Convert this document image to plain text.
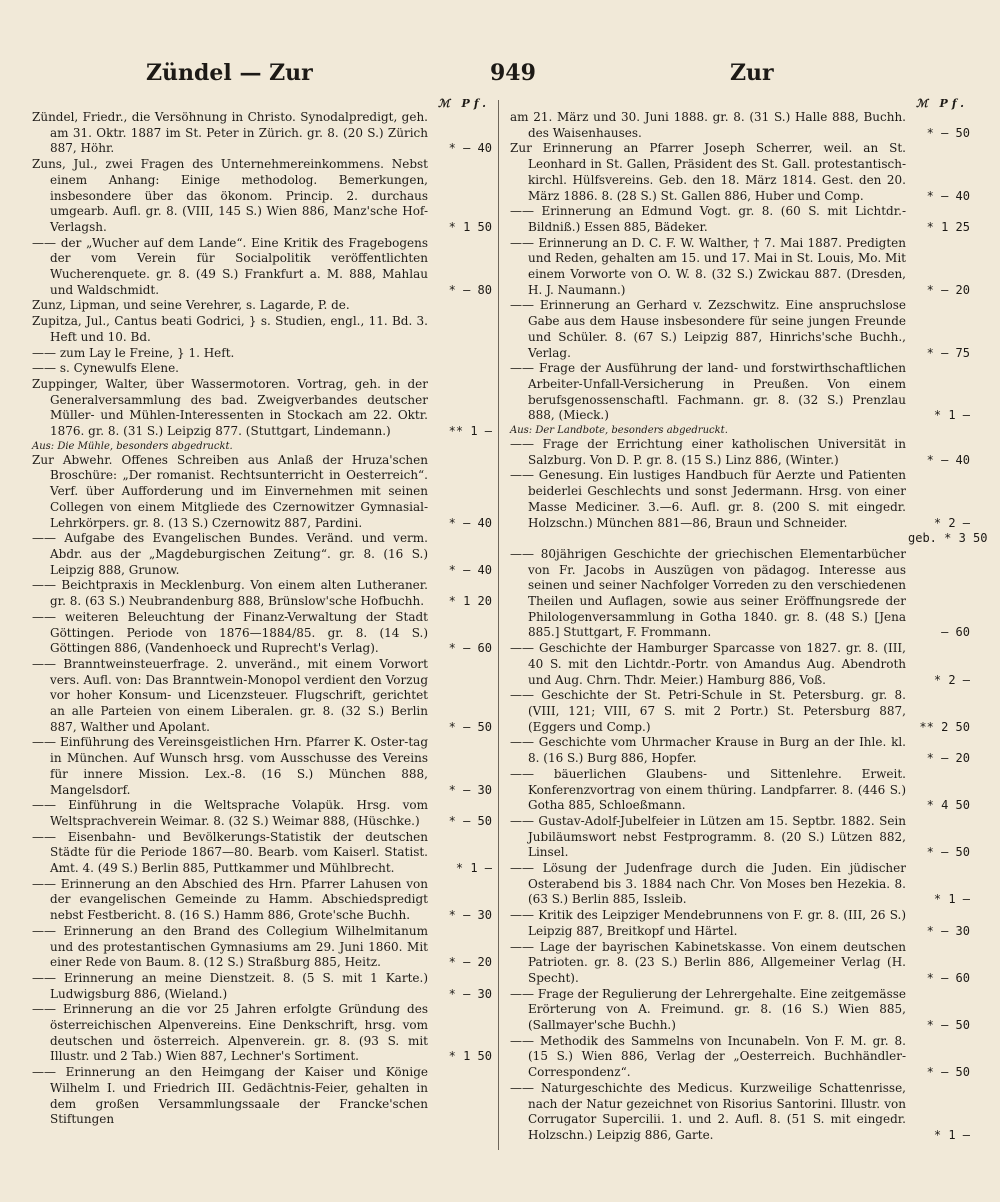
Zündel — Zur	949	Zur
ℳ Pf.
Zündel, Friedr., die Versöhnung in Christo. Synodalpredigt, geh. am 31. Oktr. 1887 im St. Peter in Zürich. gr. 8. (20 S.) Zürich 887, Höhr.	* — 40
Zuns, Jul., zwei Fragen des Unternehmereinkommens. Nebst einem Anhang: Einige methodolog. Bemerkungen, insbesondere über das ökonom. Princip. 2. durchaus umgearb. Aufl. gr. 8. (VIII, 145 S.) Wien 886, Manz'sche Hof-Verlagsh.	* 1 50
—— der „Wucher auf dem Lande“. Eine Kritik des Fragebogens der vom Verein für Socialpolitik veröffentlichten Wucherenquete. gr. 8. (49 S.) Frankfurt a. M. 888, Mahlau und Waldschmidt.	* — 80
Zunz, Lipman, und seine Verehrer, s. Lagarde, P. de.
Zupitza, Jul., Cantus beati Godrici, } s. Studien, engl., 11. Bd. 3. Heft und 10. Bd.
—— zum Lay le Freine, } 1. Heft.
—— s. Cynewulfs Elene.
Zuppinger, Walter, über Wassermotoren. Vortrag, geh. in der Generalversammlung des bad. Zweigverbandes deutscher Müller- und Mühlen-Interessenten in Stockach am 22. Oktr. 1876. gr. 8. (31 S.) Leipzig 877. (Stuttgart, Lindemann.)	** 1 —
Aus: Die Mühle, besonders abgedruckt.
Zur Abwehr. Offenes Schreiben aus Anlaß der Hruza'schen Broschüre: „Der romanist. Rechtsunterricht in Oesterreich“. Verf. über Aufforderung und im Einvernehmen mit seinen Collegen von einem Mitgliede des Czernowitzer Gymnasial-Lehrkörpers. gr. 8. (13 S.) Czernowitz 887, Pardini.	* — 40
—— Aufgabe des Evangelischen Bundes. Veränd. und verm. Abdr. aus der „Magdeburgischen Zeitung“. gr. 8. (16 S.) Leipzig 888, Grunow.	* — 40
—— Beichtpraxis in Mecklenburg. Von einem alten Lutheraner. gr. 8. (63 S.) Neubrandenburg 888, Brünslow'sche Hofbuchh.	* 1 20
—— weiteren Beleuchtung der Finanz-Verwaltung der Stadt Göttingen. Periode von 1876—1884/85. gr. 8. (14 S.) Göttingen 886, (Vandenhoeck und Ruprecht's Verlag).	* — 60
—— Branntweinsteuerfrage. 2. unveränd., mit einem Vorwort vers. Aufl. von: Das Branntwein-Monopol verdient den Vorzug vor hoher Konsum- und Licenzsteuer. Flugschrift, gerichtet an alle Parteien von einem Liberalen. gr. 8. (32 S.) Berlin 887, Walther und Apolant.	* — 50
—— Einführung des Vereinsgeistlichen Hrn. Pfarrer K. Oster-tag in München. Auf Wunsch hrsg. vom Ausschusse des Vereins für innere Mission. Lex.-8. (16 S.) München 888, Mangelsdorf.	* — 30
—— Einführung in die Weltsprache Volapük. Hrsg. vom Weltsprachverein Weimar. 8. (32 S.) Weimar 888, (Hüschke.)	* — 50
—— Eisenbahn- und Bevölkerungs-Statistik der deutschen Städte für die Periode 1867—80. Bearb. vom Kaiserl. Statist. Amt. 4. (49 S.) Berlin 885, Puttkammer und Mühlbrecht.	* 1 —
—— Erinnerung an den Abschied des Hrn. Pfarrer Lahusen von der evangelischen Gemeinde zu Hamm. Abschiedspredigt nebst Festbericht. 8. (16 S.) Hamm 886, Grote'sche Buchh.	* — 30
—— Erinnerung an den Brand des Collegium Wilhelmitanum und des protestantischen Gymnasiums am 29. Juni 1860. Mit einer Rede von Baum. 8. (12 S.) Straßburg 885, Heitz.	* — 20
—— Erinnerung an meine Dienstzeit. 8. (5 S. mit 1 Karte.) Ludwigsburg 886, (Wieland.)	* — 30
—— Erinnerung an die vor 25 Jahren erfolgte Gründung des österreichischen Alpenvereins. Eine Denkschrift, hrsg. vom deutschen und österreich. Alpenverein. gr. 8. (93 S. mit Illustr. und 2 Tab.) Wien 887, Lechner's Sortiment.	* 1 50
—— Erinnerung an den Heimgang der Kaiser und Könige Wilhelm I. und Friedrich III. Gedächtnis-Feier, gehalten in dem großen Versammlungssaale der Francke'schen Stiftungen
ℳ Pf.
am 21. März und 30. Juni 1888. gr. 8. (31 S.) Halle 888, Buchh. des Waisenhauses.	* — 50
Zur Erinnerung an Pfarrer Joseph Scherrer, weil. an St. Leonhard in St. Gallen, Präsident des St. Gall. protestantisch-kirchl. Hülfsvereins. Geb. den 18. März 1814. Gest. den 20. März 1886. 8. (28 S.) St. Gallen 886, Huber und Comp.	* — 40
—— Erinnerung an Edmund Vogt. gr. 8. (60 S. mit Lichtdr.-Bildniß.) Essen 885, Bädeker.	* 1 25
—— Erinnerung an D. C. F. W. Walther, † 7. Mai 1887. Predigten und Reden, gehalten am 15. und 17. Mai in St. Louis, Mo. Mit einem Vorworte von O. W. 8. (32 S.) Zwickau 887. (Dresden, H. J. Naumann.)	* — 20
—— Erinnerung an Gerhard v. Zezschwitz. Eine anspruchslose Gabe aus dem Hause insbesondere für seine jungen Freunde und Schüler. 8. (67 S.) Leipzig 887, Hinrichs'sche Buchh., Verlag.	* — 75
—— Frage der Ausführung der land- und forstwirthschaftlichen Arbeiter-Unfall-Versicherung in Preußen. Von einem berufsgenossenschaftl. Fachmann. gr. 8. (32 S.) Prenzlau 888, (Mieck.)	* 1 —
Aus: Der Landbote, besonders abgedruckt.
—— Frage der Errichtung einer katholischen Universität in Salzburg. Von D. P. gr. 8. (15 S.) Linz 886, (Winter.)	* — 40
—— Genesung. Ein lustiges Handbuch für Aerzte und Patienten beiderlei Geschlechts und sonst Jedermann. Hrsg. von einer Masse Mediciner. 3.—6. Aufl. gr. 8. (200 S. mit eingedr. Holzschn.) München 881—86, Braun und Schneider.	* 2 —
geb. * 3 50
—— 80jährigen Geschichte der griechischen Elementarbücher von Fr. Jacobs in Auszügen von pädagog. Interesse aus seinen und seiner Nachfolger Vorreden zu den verschiedenen Theilen und Auflagen, sowie aus seiner Eröffnungsrede der Philologenversammlung in Gotha 1840. gr. 8. (48 S.) [Jena 885.] Stuttgart, F. Frommann.	— 60
—— Geschichte der Hamburger Sparcasse von 1827. gr. 8. (III, 40 S. mit den Lichtdr.-Portr. von Amandus Aug. Abendroth und Aug. Chrn. Thdr. Meier.) Hamburg 886, Voß.	* 2 —
—— Geschichte der St. Petri-Schule in St. Petersburg. gr. 8. (VIII, 121; VIII, 67 S. mit 2 Portr.) St. Petersburg 887, (Eggers und Comp.)	** 2 50
—— Geschichte vom Uhrmacher Krause in Burg an der Ihle. kl. 8. (16 S.) Burg 886, Hopfer.	* — 20
—— bäuerlichen Glaubens- und Sittenlehre. Erweit. Konferenzvortrag von einem thüring. Landpfarrer. 8. (446 S.) Gotha 885, Schloeßmann.	* 4 50
—— Gustav-Adolf-Jubelfeier in Lützen am 15. Septbr. 1882. Sein Jubiläumswort nebst Festprogramm. 8. (20 S.) Lützen 882, Linsel.	* — 50
—— Lösung der Judenfrage durch die Juden. Ein jüdischer Osterabend bis 3. 1884 nach Chr. Von Moses ben Hezekia. 8. (63 S.) Berlin 885, Issleib.	* 1 —
—— Kritik des Leipziger Mendebrunnens von F. gr. 8. (III, 26 S.) Leipzig 887, Breitkopf und Härtel.	* — 30
—— Lage der bayrischen Kabinetskasse. Von einem deutschen Patrioten. gr. 8. (23 S.) Berlin 886, Allgemeiner Verlag (H. Specht).	* — 60
—— Frage der Regulierung der Lehrergehalte. Eine zeitgemässe Erörterung von A. Freimund. gr. 8. (16 S.) Wien 885, (Sallmayer'sche Buchh.)	* — 50
—— Methodik des Sammelns von Incunabeln. Von F. M. gr. 8. (15 S.) Wien 886, Verlag der „Oesterreich. Buchhändler-Correspondenz“.	* — 50
—— Naturgeschichte des Medicus. Kurzweilige Schattenrisse, nach der Natur gezeichnet von Risorius Santorini. Illustr. von Corrugator Supercilii. 1. und 2. Aufl. 8. (51 S. mit eingedr. Holzschn.) Leipzig 886, Garte.	* 1 —
